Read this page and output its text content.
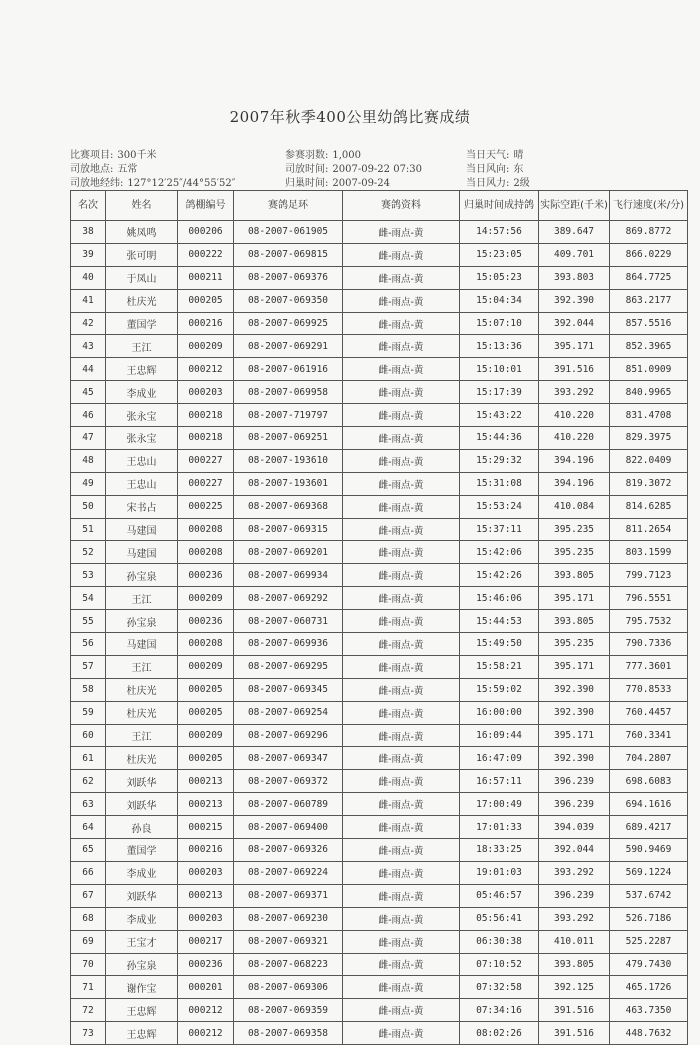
2007年秋季400公里幼鸽比赛成绩
比赛项目: 300千米	参赛羽数: 1,000	当日天气: 晴
司放地点: 五常	司放时间: 2007-09-22 07:30	当日风向: 东
司放地经纬: 127°12′25″/44°55′52″	归巢时间: 2007-09-24	当日风力: 2级
名次	姓名	鸽棚编号	赛鸽足环	赛鸽资料	归巢时间成持鸽	实际空距(千米)	飞行速度(米/分)
38	姚凤鸣	000206	08-2007-061905	雌-雨点-黄	14:57:56	389.647	869.8772
39	张可明	000222	08-2007-069815	雌-雨点-黄	15:23:05	409.701	866.0229
40	于凤山	000211	08-2007-069376	雌-雨点-黄	15:05:23	393.803	864.7725
41	杜庆光	000205	08-2007-069350	雌-雨点-黄	15:04:34	392.390	863.2177
42	董国学	000216	08-2007-069925	雌-雨点-黄	15:07:10	392.044	857.5516
43	王江	000209	08-2007-069291	雌-雨点-黄	15:13:36	395.171	852.3965
44	王忠辉	000212	08-2007-061916	雌-雨点-黄	15:10:01	391.516	851.0909
45	李成业	000203	08-2007-069958	雌-雨点-黄	15:17:39	393.292	840.9965
46	张永宝	000218	08-2007-719797	雌-雨点-黄	15:43:22	410.220	831.4708
47	张永宝	000218	08-2007-069251	雌-雨点-黄	15:44:36	410.220	829.3975
48	王忠山	000227	08-2007-193610	雌-雨点-黄	15:29:32	394.196	822.0409
49	王忠山	000227	08-2007-193601	雌-雨点-黄	15:31:08	394.196	819.3072
50	宋书占	000225	08-2007-069368	雌-雨点-黄	15:53:24	410.084	814.6285
51	马建国	000208	08-2007-069315	雌-雨点-黄	15:37:11	395.235	811.2654
52	马建国	000208	08-2007-069201	雌-雨点-黄	15:42:06	395.235	803.1599
53	孙宝泉	000236	08-2007-069934	雌-雨点-黄	15:42:26	393.805	799.7123
54	王江	000209	08-2007-069292	雌-雨点-黄	15:46:06	395.171	796.5551
55	孙宝泉	000236	08-2007-060731	雌-雨点-黄	15:44:53	393.805	795.7532
56	马建国	000208	08-2007-069936	雌-雨点-黄	15:49:50	395.235	790.7336
57	王江	000209	08-2007-069295	雌-雨点-黄	15:58:21	395.171	777.3601
58	杜庆光	000205	08-2007-069345	雌-雨点-黄	15:59:02	392.390	770.8533
59	杜庆光	000205	08-2007-069254	雌-雨点-黄	16:00:00	392.390	760.4457
60	王江	000209	08-2007-069296	雌-雨点-黄	16:09:44	395.171	760.3341
61	杜庆光	000205	08-2007-069347	雌-雨点-黄	16:47:09	392.390	704.2807
62	刘跃华	000213	08-2007-069372	雌-雨点-黄	16:57:11	396.239	698.6083
63	刘跃华	000213	08-2007-060789	雌-雨点-黄	17:00:49	396.239	694.1616
64	孙良	000215	08-2007-069400	雌-雨点-黄	17:01:33	394.039	689.4217
65	董国学	000216	08-2007-069326	雌-雨点-黄	18:33:25	392.044	590.9469
66	李成业	000203	08-2007-069224	雌-雨点-黄	19:01:03	393.292	569.1224
67	刘跃华	000213	08-2007-069371	雌-雨点-黄	05:46:57	396.239	537.6742
68	李成业	000203	08-2007-069230	雌-雨点-黄	05:56:41	393.292	526.7186
69	王宝才	000217	08-2007-069321	雌-雨点-黄	06:30:38	410.011	525.2287
70	孙宝泉	000236	08-2007-068223	雌-雨点-黄	07:10:52	393.805	479.7430
71	谢作宝	000201	08-2007-069306	雌-雨点-黄	07:32:58	392.125	465.1726
72	王忠辉	000212	08-2007-069359	雌-雨点-黄	07:34:16	391.516	463.7350
73	王忠辉	000212	08-2007-069358	雌-雨点-黄	08:02:26	391.516	448.7632
